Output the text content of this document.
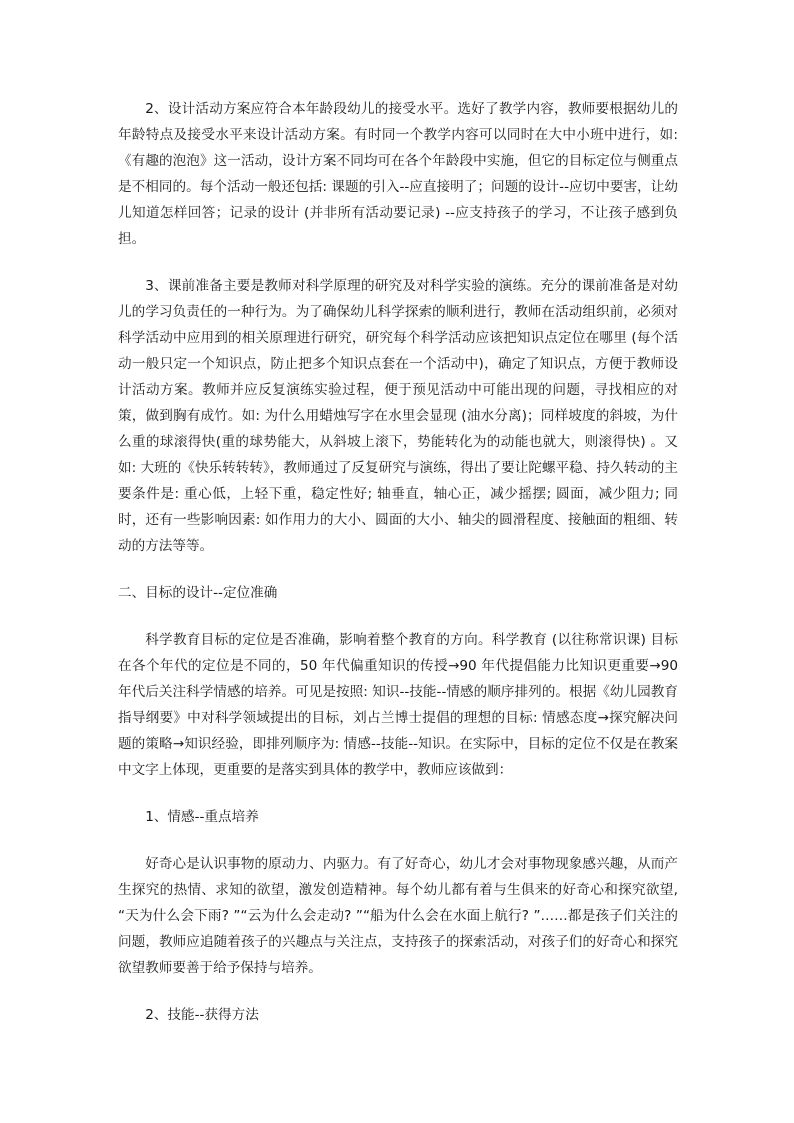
2、设计活动方案应符合本年龄段幼儿的接受水平。选好了教学内容，教师要根据幼儿的年龄特点及接受水平来设计活动方案。有时同一个教学内容可以同时在大中小班中进行，如:《有趣的泡泡》这一活动，设计方案不同均可在各个年龄段中实施，但它的目标定位与侧重点是不相同的。每个活动一般还包括: 课题的引入--应直接明了；问题的设计--应切中要害，让幼儿知道怎样回答；记录的设计 (并非所有活动要记录) --应支持孩子的学习，不让孩子感到负担。

3、课前准备主要是教师对科学原理的研究及对科学实验的演练。充分的课前准备是对幼儿的学习负责任的一种行为。为了确保幼儿科学探索的顺利进行，教师在活动组织前，必须对科学活动中应用到的相关原理进行研究，研究每个科学活动应该把知识点定位在哪里 (每个活动一般只定一个知识点，防止把多个知识点套在一个活动中)，确定了知识点，方便于教师设计活动方案。教师并应反复演练实验过程，便于预见活动中可能出现的问题，寻找相应的对策，做到胸有成竹。如: 为什么用蜡烛写字在水里会显现 (油水分离)；同样坡度的斜坡，为什么重的球滚得快(重的球势能大，从斜坡上滚下，势能转化为的动能也就大，则滚得快) 。又如: 大班的《快乐转转转》，教师通过了反复研究与演练，得出了要让陀螺平稳、持久转动的主要条件是: 重心低，上轻下重，稳定性好; 轴垂直，轴心正，减少摇摆; 圆面，减少阻力; 同时，还有一些影响因素: 如作用力的大小、圆面的大小、轴尖的圆滑程度、接触面的粗细、转动的方法等等。

二、目标的设计--定位准确

科学教育目标的定位是否准确，影响着整个教育的方向。科学教育 (以往称常识课) 目标在各个年代的定位是不同的，50 年代偏重知识的传授→90 年代提倡能力比知识更重要→90 年代后关注科学情感的培养。可见是按照: 知识--技能--情感的顺序排列的。根据《幼儿园教育指导纲要》中对科学领域提出的目标，刘占兰博士提倡的理想的目标: 情感态度→探究解决问题的策略→知识经验，即排列顺序为: 情感--技能--知识。在实际中，目标的定位不仅是在教案中文字上体现，更重要的是落实到具体的教学中，教师应该做到：

1、情感--重点培养

好奇心是认识事物的原动力、内驱力。有了好奇心，幼儿才会对事物现象感兴趣，从而产生探究的热情、求知的欲望，激发创造精神。每个幼儿都有着与生俱来的好奇心和探究欲望, “天为什么会下雨? ”“云为什么会走动? ”“船为什么会在水面上航行? ”……都是孩子们关注的问题，教师应追随着孩子的兴趣点与关注点，支持孩子的探索活动，对孩子们的好奇心和探究欲望教师要善于给予保持与培养。

2、技能--获得方法
